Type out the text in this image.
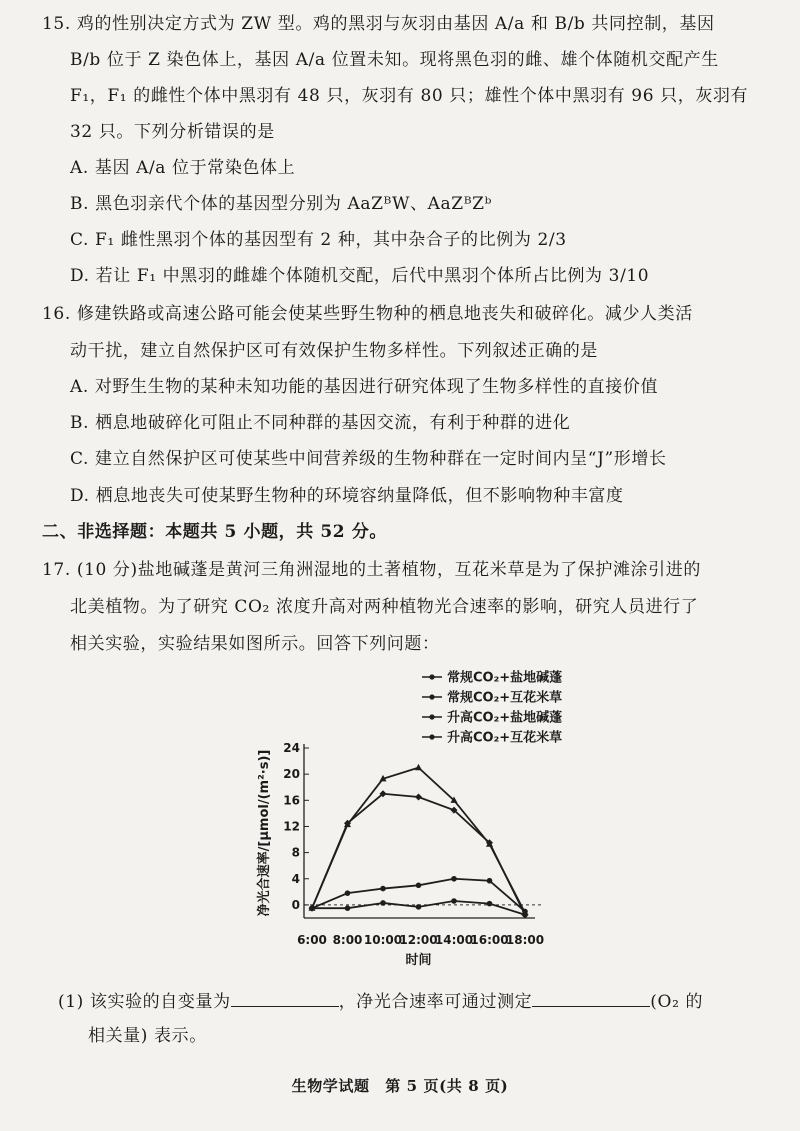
15. 鸡的性别决定方式为 ZW 型。鸡的黑羽与灰羽由基因 A/a 和 B/b 共同控制，基因
B/b 位于 Z 染色体上，基因 A/a 位置未知。现将黑色羽的雌、雄个体随机交配产生
F₁，F₁ 的雌性个体中黑羽有 48 只，灰羽有 80 只；雄性个体中黑羽有 96 只，灰羽有
32 只。下列分析错误的是
A. 基因 A/a 位于常染色体上
B. 黑色羽亲代个体的基因型分别为 AaZᴮW、AaZᴮZᵇ
C. F₁ 雌性黑羽个体的基因型有 2 种，其中杂合子的比例为 2/3
D. 若让 F₁ 中黑羽的雌雄个体随机交配，后代中黑羽个体所占比例为 3/10
16. 修建铁路或高速公路可能会使某些野生物种的栖息地丧失和破碎化。减少人类活
动干扰，建立自然保护区可有效保护生物多样性。下列叙述正确的是
A. 对野生生物的某种未知功能的基因进行研究体现了生物多样性的直接价值
B. 栖息地破碎化可阻止不同种群的基因交流，有利于种群的进化
C. 建立自然保护区可使某些中间营养级的生物种群在一定时间内呈“J”形增长
D. 栖息地丧失可使某野生物种的环境容纳量降低，但不影响物种丰富度
二、非选择题：本题共 5 小题，共 52 分。
17. (10 分)盐地碱蓬是黄河三角洲湿地的土著植物，互花米草是为了保护滩涂引进的
北美植物。为了研究 CO₂ 浓度升高对两种植物光合速率的影响，研究人员进行了
相关实验，实验结果如图所示。回答下列问题：
常规CO₂+盐地碱蓬
常规CO₂+互花米草
升高CO₂+盐地碱蓬
升高CO₂+互花米草
0
4
8
12
16
20
24
6:00 8:00 10:00
12:00
14:00
16:00
18:00
时间
净光合速率/[μmol/(m²·s)]
(1) 该实验的自变量为	，净光合速率可通过测定	(O₂ 的
相关量) 表示。
生物学试题　第 5 页(共 8 页)
